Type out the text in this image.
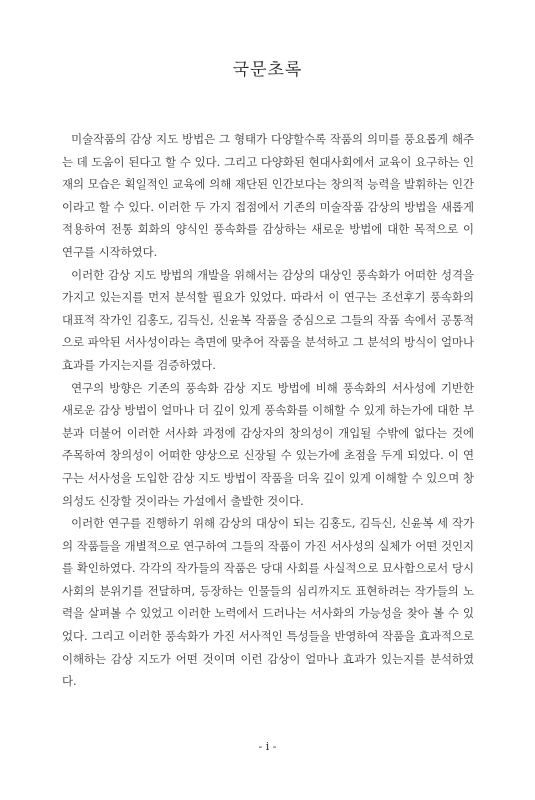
국문초록

미술작품의 감상 지도 방법은 그 형태가 다양할수록 작품의 의미를 풍요롭게 해주는 데 도움이 된다고 할 수 있다. 그리고 다양화된 현대사회에서 교육이 요구하는 인재의 모습은 획일적인 교육에 의해 재단된 인간보다는 창의적 능력을 발휘하는 인간이라고 할 수 있다. 이러한 두 가지 접점에서 기존의 미술작품 감상의 방법을 새롭게 적용하여 전통 회화의 양식인 풍속화를 감상하는 새로운 방법에 대한 목적으로 이 연구를 시작하였다.

이러한 감상 지도 방법의 개발을 위해서는 감상의 대상인 풍속화가 어떠한 성격을 가지고 있는지를 먼저 분석할 필요가 있었다. 따라서 이 연구는 조선후기 풍속화의 대표적 작가인 김홍도, 김득신, 신윤복 작품을 중심으로 그들의 작품 속에서 공통적으로 파악된 서사성이라는 측면에 맞추어 작품을 분석하고 그 분석의 방식이 얼마나 효과를 가지는지를 검증하였다.

연구의 방향은 기존의 풍속화 감상 지도 방법에 비해 풍속화의 서사성에 기반한 새로운 감상 방법이 얼마나 더 깊이 있게 풍속화를 이해할 수 있게 하는가에 대한 부분과 더불어 이러한 서사화 과정에 감상자의 창의성이 개입될 수밖에 없다는 것에 주목하여 창의성이 어떠한 양상으로 신장될 수 있는가에 초점을 두게 되었다. 이 연구는 서사성을 도입한 감상 지도 방법이 작품을 더욱 깊이 있게 이해할 수 있으며 창의성도 신장할 것이라는 가설에서 출발한 것이다.

이러한 연구를 진행하기 위해 감상의 대상이 되는 김홍도, 김득신, 신윤복 세 작가의 작품들을 개별적으로 연구하여 그들의 작품이 가진 서사성의 실체가 어떤 것인지를 확인하였다. 각각의 작가들의 작품은 당대 사회를 사실적으로 묘사함으로서 당시 사회의 분위기를 전달하며, 등장하는 인물들의 심리까지도 표현하려는 작가들의 노력을 살펴볼 수 있었고 이러한 노력에서 드러나는 서사화의 가능성을 찾아 볼 수 있었다. 그리고 이러한 풍속화가 가진 서사적인 특성들을 반영하여 작품을 효과적으로 이해하는 감상 지도가 어떤 것이며 이런 감상이 얼마나 효과가 있는지를 분석하였다.

- i -
